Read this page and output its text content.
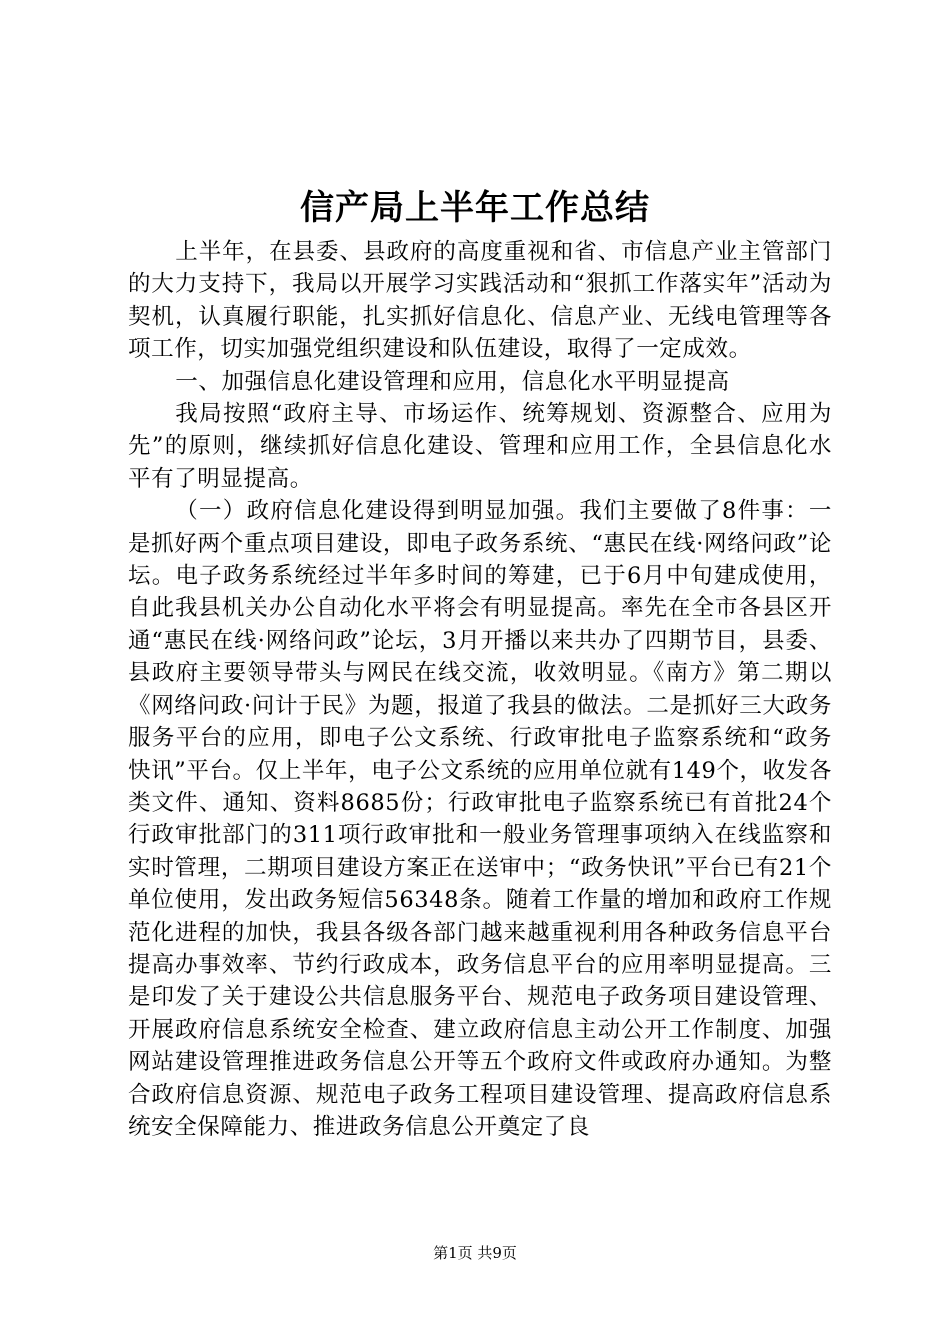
信产局上半年工作总结

上半年，在县委、县政府的高度重视和省、市信息产业主管部门的大力支持下，我局以开展学习实践活动和“狠抓工作落实年”活动为契机，认真履行职能，扎实抓好信息化、信息产业、无线电管理等各项工作，切实加强党组织建设和队伍建设，取得了一定成效。

一、加强信息化建设管理和应用，信息化水平明显提高

我局按照“政府主导、市场运作、统筹规划、资源整合、应用为先”的原则，继续抓好信息化建设、管理和应用工作，全县信息化水平有了明显提高。

（一）政府信息化建设得到明显加强。我们主要做了8件事：一是抓好两个重点项目建设，即电子政务系统、“惠民在线·网络问政”论坛。电子政务系统经过半年多时间的筹建，已于6月中旬建成使用，自此我县机关办公自动化水平将会有明显提高。率先在全市各县区开通“惠民在线·网络问政”论坛，3月开播以来共办了四期节目，县委、县政府主要领导带头与网民在线交流，收效明显。《南方》第二期以《网络问政·问计于民》为题，报道了我县的做法。二是抓好三大政务服务平台的应用，即电子公文系统、行政审批电子监察系统和“政务快讯”平台。仅上半年，电子公文系统的应用单位就有149个，收发各类文件、通知、资料8685份；行政审批电子监察系统已有首批24个行政审批部门的311项行政审批和一般业务管理事项纳入在线监察和实时管理，二期项目建设方案正在送审中；“政务快讯”平台已有21个单位使用，发出政务短信56348条。随着工作量的增加和政府工作规范化进程的加快，我县各级各部门越来越重视利用各种政务信息平台提高办事效率、节约行政成本，政务信息平台的应用率明显提高。三是印发了关于建设公共信息服务平台、规范电子政务项目建设管理、开展政府信息系统安全检查、建立政府信息主动公开工作制度、加强网站建设管理推进政务信息公开等五个政府文件或政府办通知。为整合政府信息资源、规范电子政务工程项目建设管理、提高政府信息系统安全保障能力、推进政务信息公开奠定了良

第1页 共9页
